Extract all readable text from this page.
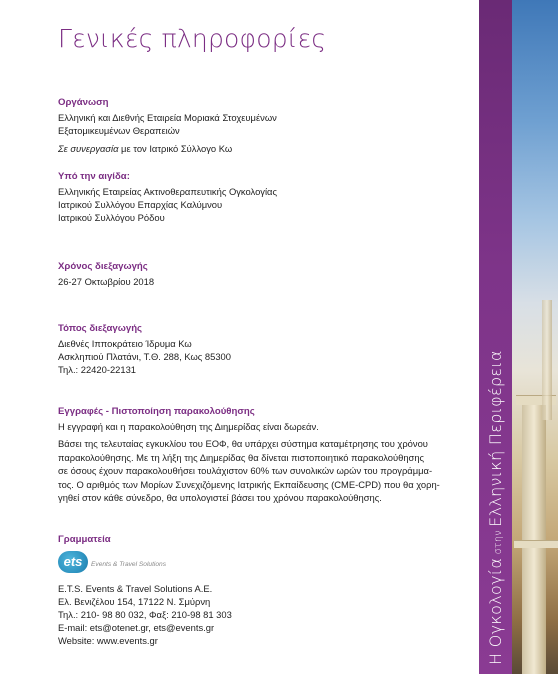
Γενικές πληροφορίες
Οργάνωση
Ελληνική και Διεθνής Εταιρεία Μοριακά Στοχευμένων
Εξατομικευμένων Θεραπειών
Σε συνεργασία με τον Ιατρικό Σύλλογο Κω
Υπό την αιγίδα:
Ελληνικής Εταιρείας Ακτινοθεραπευτικής Ογκολογίας
Ιατρικού Συλλόγου Επαρχίας Καλύμνου
Ιατρικού Συλλόγου Ρόδου
Χρόνος διεξαγωγής
26-27 Οκτωβρίου 2018
Τόπος διεξαγωγής
Διεθνές Ιπποκράτειο Ίδρυμα Κω
Ασκληπιού Πλατάνι, Τ.Θ. 288, Κως 85300
Τηλ.: 22420-22131
Εγγραφές - Πιστοποίηση παρακολούθησης
Η εγγραφή και η παρακολούθηση της Διημερίδας είναι δωρεάν.
Βάσει της τελευταίας εγκυκλίου του ΕΟΦ, θα υπάρχει σύστημα καταμέτρησης του χρόνου
παρακολούθησης. Με τη λήξη της Διημερίδας θα δίνεται πιστοποιητικό παρακολούθησης
σε όσους έχουν παρακολουθήσει τουλάχιστον 60% των συνολικών ωρών του προγράμμα-
τος. Ο αριθμός των Μορίων Συνεχιζόμενης Ιατρικής Εκπαίδευσης (CME-CPD) που θα χορη-
γηθεί στον κάθε σύνεδρο, θα υπολογιστεί βάσει του χρόνου παρακολούθησης.
Γραμματεία
ets	Events & Travel Solutions
E.T.S. Events & Travel Solutions A.E.
Ελ. Βενιζέλου 154, 17122 Ν. Σμύρνη
Τηλ.: 210- 98 80 032, Φαξ: 210-98 81 303
E-mail: ets@otenet.gr, ets@events.gr
Website: www.events.gr
Η Ογκολογία στην Ελληνική Περιφέρεια
